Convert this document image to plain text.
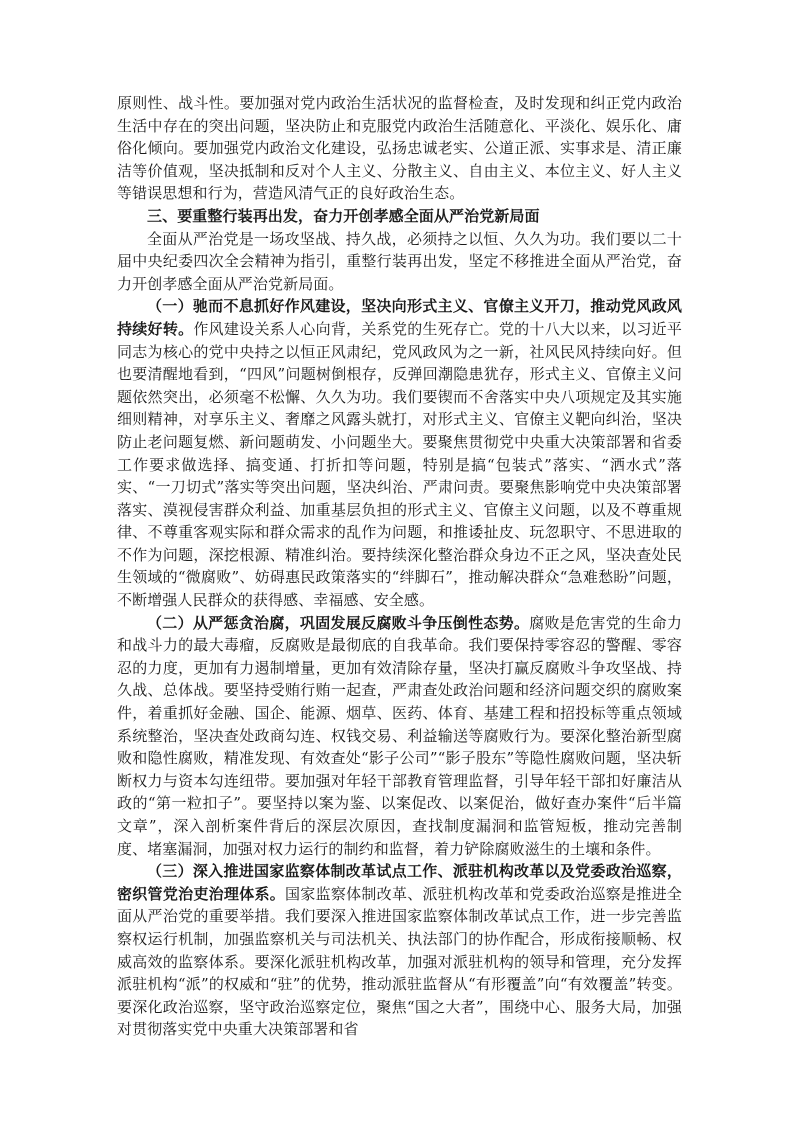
原则性、战斗性。要加强对党内政治生活状况的监督检查，及时发现和纠正党内政治生活中存在的突出问题，坚决防止和克服党内政治生活随意化、平淡化、娱乐化、庸俗化倾向。要加强党内政治文化建设，弘扬忠诚老实、公道正派、实事求是、清正廉洁等价值观，坚决抵制和反对个人主义、分散主义、自由主义、本位主义、好人主义等错误思想和行为，营造风清气正的良好政治生态。

三、要重整行装再出发，奋力开创孝感全面从严治党新局面

全面从严治党是一场攻坚战、持久战，必须持之以恒、久久为功。我们要以二十届中央纪委四次全会精神为指引，重整行装再出发，坚定不移推进全面从严治党，奋力开创孝感全面从严治党新局面。

（一）驰而不息抓好作风建设，坚决向形式主义、官僚主义开刀，推动党风政风持续好转。作风建设关系人心向背，关系党的生死存亡。党的十八大以来，以习近平同志为核心的党中央持之以恒正风肃纪，党风政风为之一新，社风民风持续向好。但也要清醒地看到，“四风”问题树倒根存，反弹回潮隐患犹存，形式主义、官僚主义问题依然突出，必须毫不松懈、久久为功。我们要锲而不舍落实中央八项规定及其实施细则精神，对享乐主义、奢靡之风露头就打，对形式主义、官僚主义靶向纠治，坚决防止老问题复燃、新问题萌发、小问题坐大。要聚焦贯彻党中央重大决策部署和省委工作要求做选择、搞变通、打折扣等问题，特别是搞“包装式”落实、“洒水式”落实、“一刀切式”落实等突出问题，坚决纠治、严肃问责。要聚焦影响党中央决策部署落实、漠视侵害群众利益、加重基层负担的形式主义、官僚主义问题，以及不尊重规律、不尊重客观实际和群众需求的乱作为问题，和推诿扯皮、玩忽职守、不思进取的不作为问题，深挖根源、精准纠治。要持续深化整治群众身边不正之风，坚决查处民生领域的“微腐败”、妨碍惠民政策落实的“绊脚石”，推动解决群众“急难愁盼”问题，不断增强人民群众的获得感、幸福感、安全感。

（二）从严惩贪治腐，巩固发展反腐败斗争压倒性态势。腐败是危害党的生命力和战斗力的最大毒瘤，反腐败是最彻底的自我革命。我们要保持零容忍的警醒、零容忍的力度，更加有力遏制增量，更加有效清除存量，坚决打赢反腐败斗争攻坚战、持久战、总体战。要坚持受贿行贿一起查，严肃查处政治问题和经济问题交织的腐败案件，着重抓好金融、国企、能源、烟草、医药、体育、基建工程和招投标等重点领域系统整治，坚决查处政商勾连、权钱交易、利益输送等腐败行为。要深化整治新型腐败和隐性腐败，精准发现、有效查处“影子公司”“影子股东”等隐性腐败问题，坚决斩断权力与资本勾连纽带。要加强对年轻干部教育管理监督，引导年轻干部扣好廉洁从政的“第一粒扣子”。要坚持以案为鉴、以案促改、以案促治，做好查办案件“后半篇文章”，深入剖析案件背后的深层次原因，查找制度漏洞和监管短板，推动完善制度、堵塞漏洞，加强对权力运行的制约和监督，着力铲除腐败滋生的土壤和条件。

（三）深入推进国家监察体制改革试点工作、派驻机构改革以及党委政治巡察，密织管党治吏治理体系。国家监察体制改革、派驻机构改革和党委政治巡察是推进全面从严治党的重要举措。我们要深入推进国家监察体制改革试点工作，进一步完善监察权运行机制，加强监察机关与司法机关、执法部门的协作配合，形成衔接顺畅、权威高效的监察体系。要深化派驻机构改革，加强对派驻机构的领导和管理，充分发挥派驻机构“派”的权威和“驻”的优势，推动派驻监督从“有形覆盖”向“有效覆盖”转变。要深化政治巡察，坚守政治巡察定位，聚焦“国之大者”，围绕中心、服务大局，加强对贯彻落实党中央重大决策部署和省
